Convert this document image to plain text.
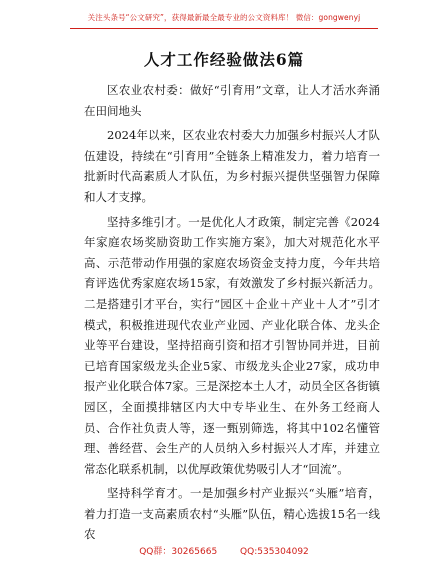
关注头条号“公文研究”，获得最新最全最专业的公文资料库！ 微信：gongwenyj
人才工作经验做法6篇

区农业农村委：做好“引育用”文章，让人才活水奔涌在田间地头

2024年以来，区农业农村委大力加强乡村振兴人才队伍建设，持续在“引育用”全链条上精准发力，着力培育一批新时代高素质人才队伍，为乡村振兴提供坚强智力保障和人才支撑。

坚持多维引才。一是优化人才政策，制定完善《2024年家庭农场奖励资助工作实施方案》，加大对规范化水平高、示范带动作用强的家庭农场资金支持力度，今年共培育评选优秀家庭农场15家，有效激发了乡村振兴新活力。二是搭建引才平台，实行“园区＋企业＋产业＋人才”引才模式，积极推进现代农业产业园、产业化联合体、龙头企业等平台建设，坚持招商引资和招才引智协同并进，目前已培育国家级龙头企业5家、市级龙头企业27家，成功申报产业化联合体7家。三是深挖本土人才，动员全区各街镇园区，全面摸排辖区内大中专毕业生、在外务工经商人员、合作社负责人等，逐一甄别筛选，将其中102名懂管理、善经营、会生产的人员纳入乡村振兴人才库，并建立常态化联系机制，以优厚政策优势吸引人才“回流”。

坚持科学育才。一是加强乡村产业振兴“头雁”培育，着力打造一支高素质农村“头雁”队伍，精心选拔15名一线农

QQ群：30265665	QQ:535304092
